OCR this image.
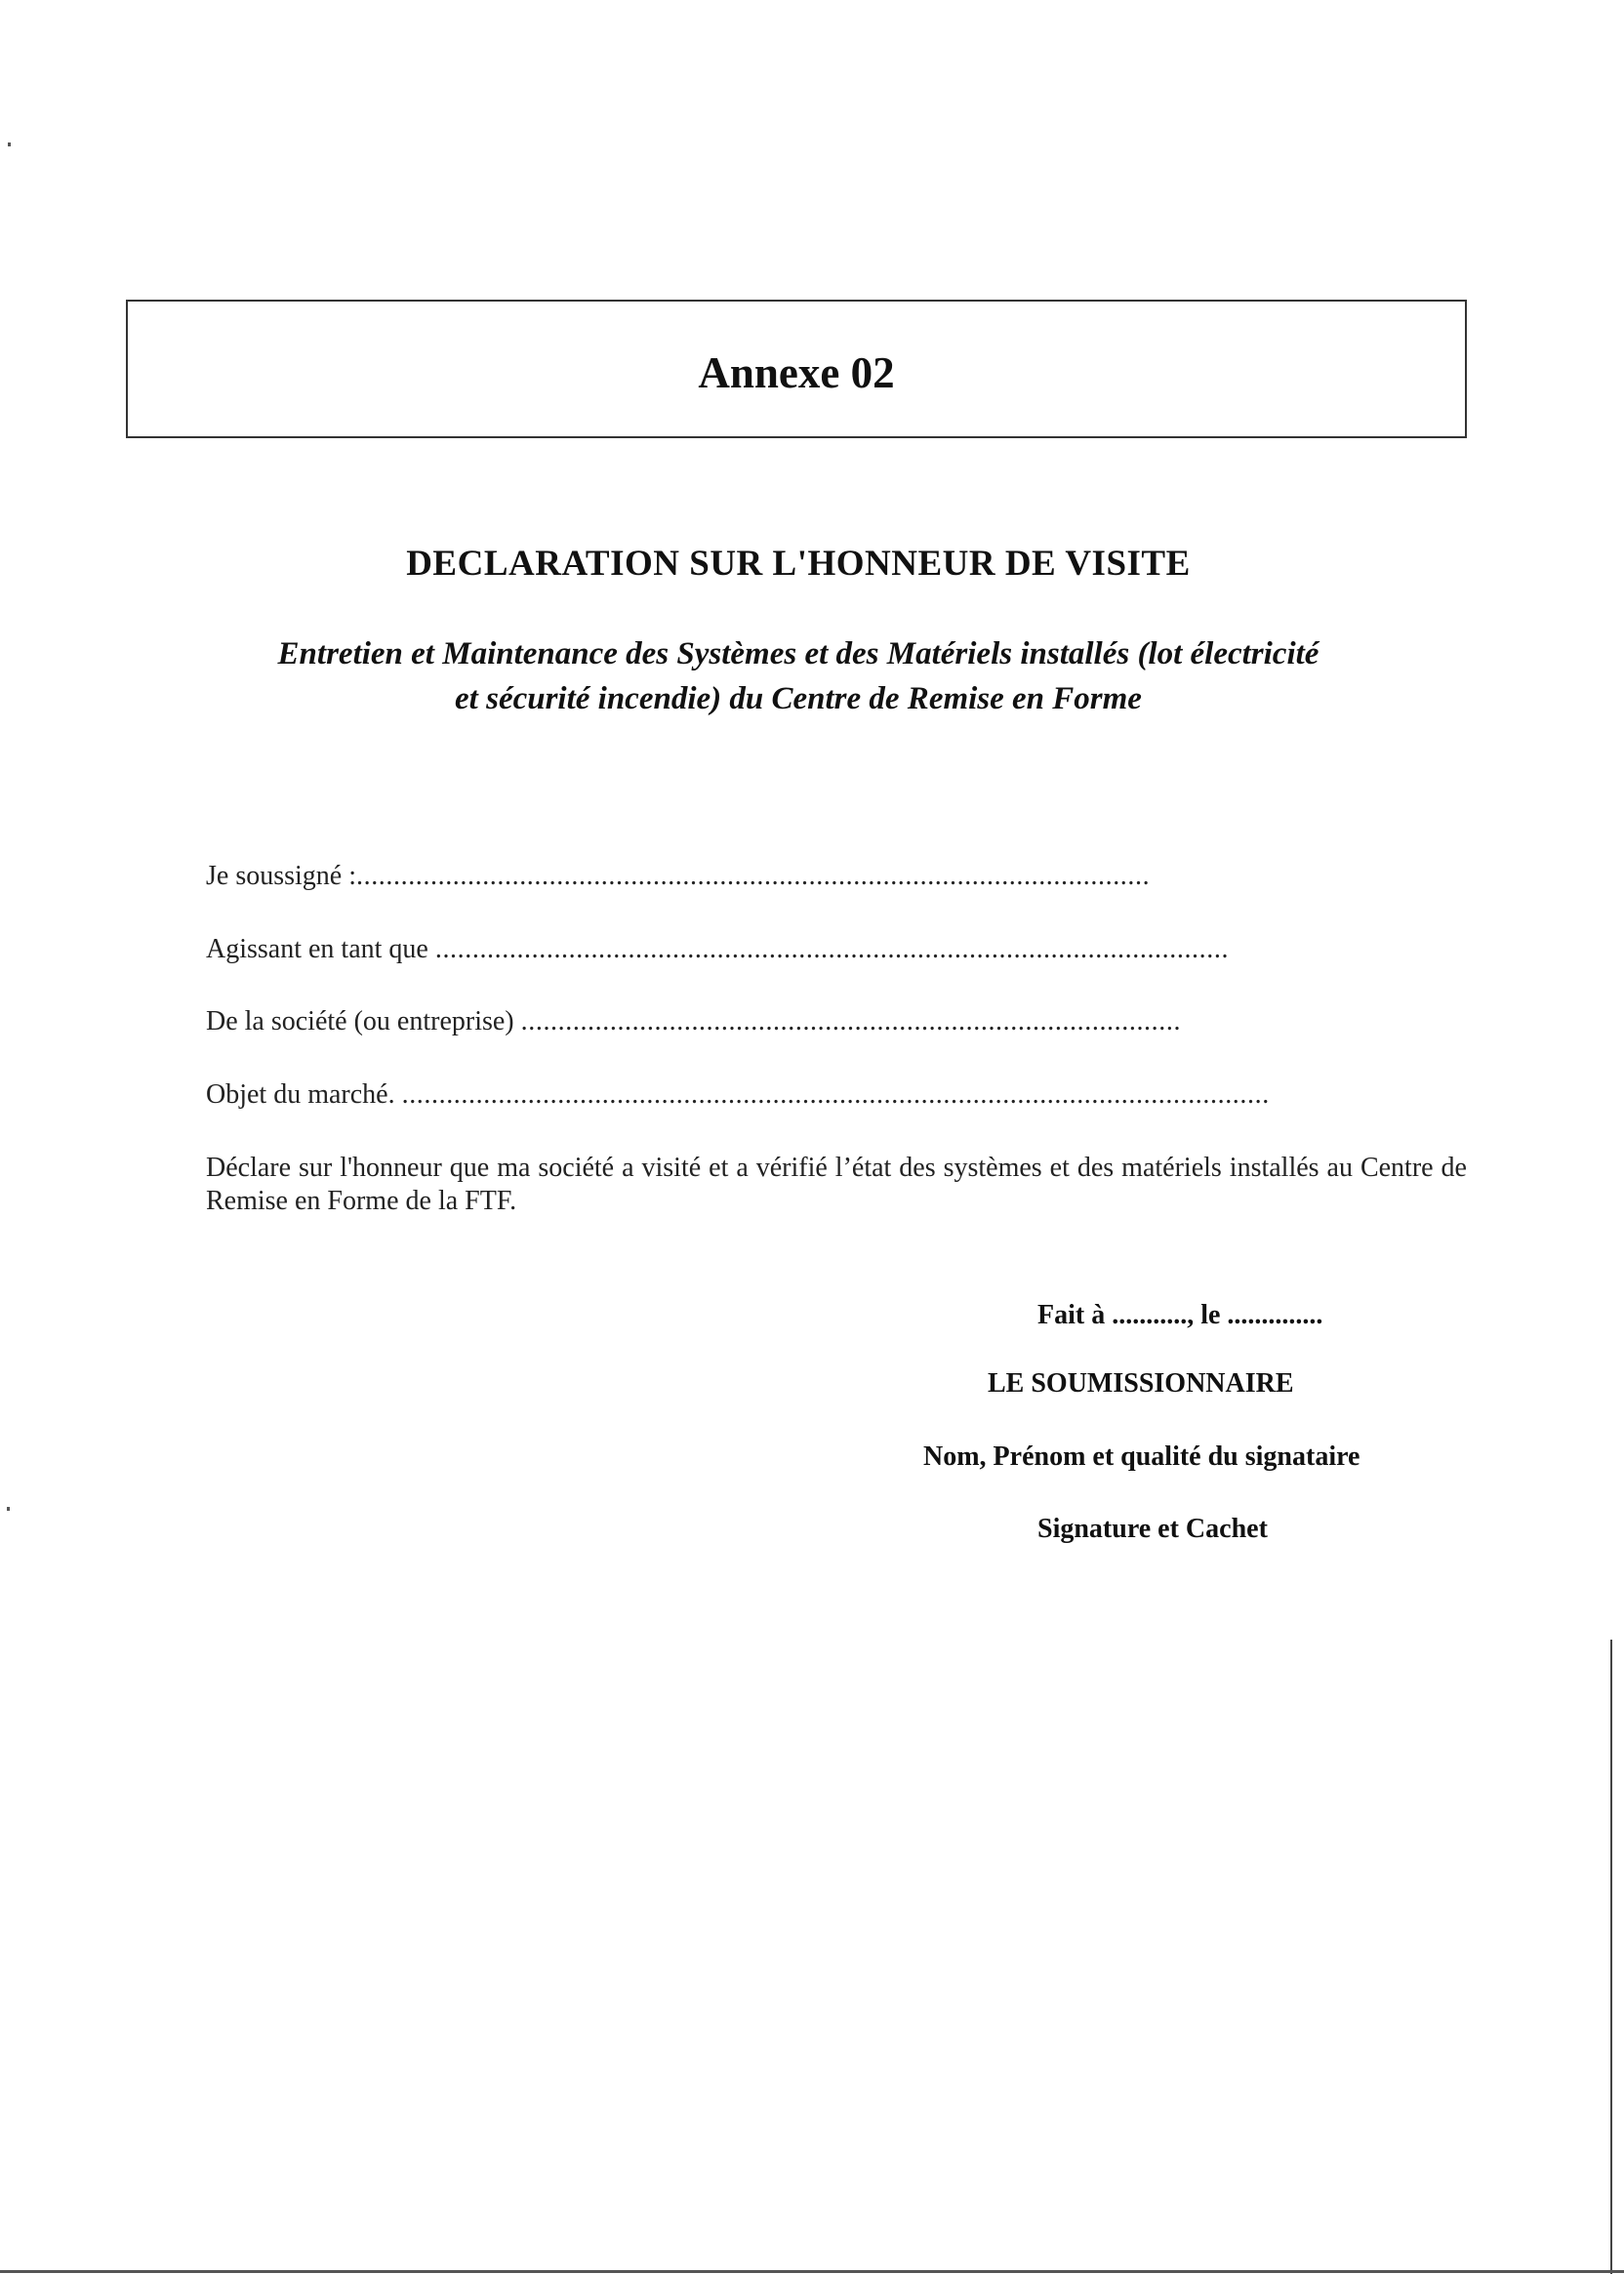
Annexe 02
DECLARATION SUR L'HONNEUR DE VISITE
Entretien et Maintenance des Systèmes et des Matériels installés (lot électricité
et sécurité incendie) du Centre de Remise en Forme
Je soussigné :...........................................................................................................
Agissant en tant que ...........................................................................................................
De la société (ou entreprise) .........................................................................................
Objet du marché. .....................................................................................................................
Déclare sur l'honneur que ma société a visité et a vérifié l’état des systèmes et des matériels installés au Centre de Remise en Forme de la FTF.
Fait à ..........., le ..............
LE SOUMISSIONNAIRE
Nom, Prénom et qualité du signataire
Signature et Cachet
